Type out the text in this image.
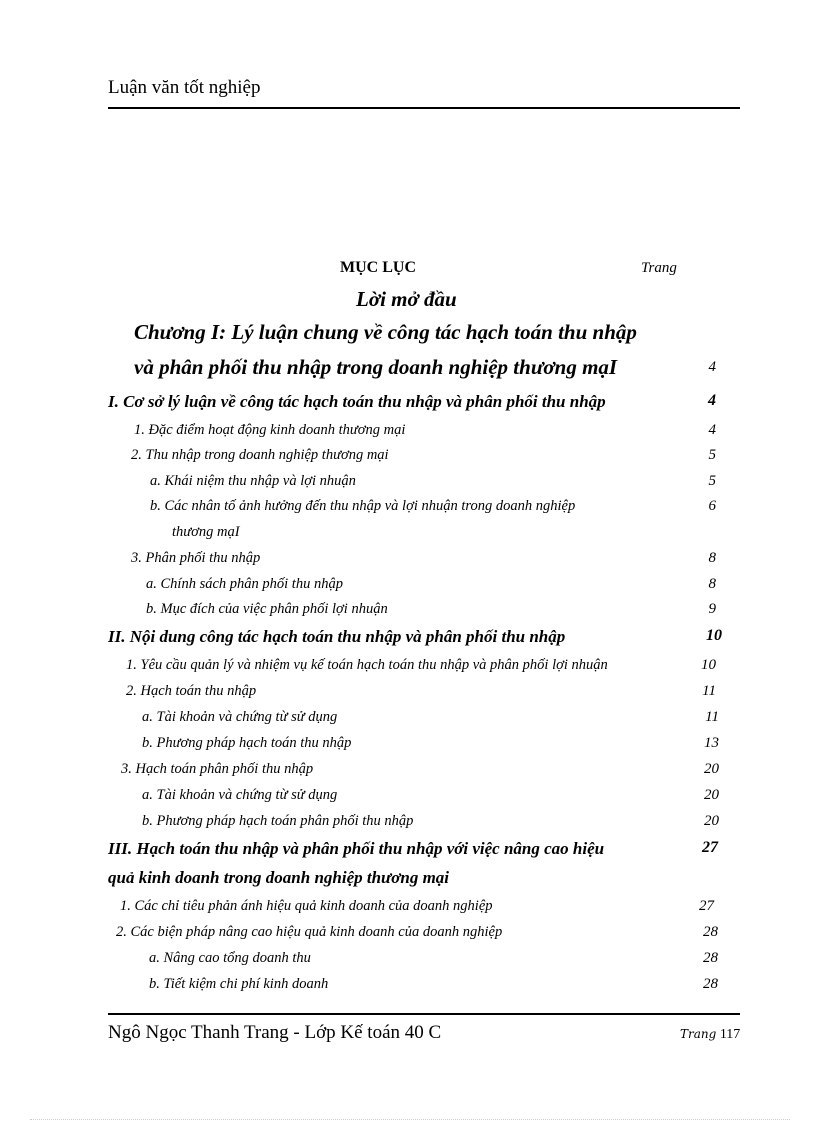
Luận văn tốt nghiệp
MỤC LỤC	Trang
Lời mở đầu
Chương I: Lý luận chung về công tác hạch toán thu nhập
và phân phối thu nhập trong doanh nghiệp thương mạI	4
I. Cơ sở lý luận về công tác hạch toán thu nhập và phân phối thu nhập	4
1. Đặc điểm hoạt động kinh doanh thương mại	4
2. Thu nhập trong doanh nghiệp thương mại	5
a. Khái niệm thu nhập và lợi nhuận	5
b. Các nhân tố ảnh hưởng đến thu nhập và lợi nhuận trong doanh nghiệp	6
thương mạI
3. Phân phối thu nhập	8
a. Chính sách phân phối thu nhập	8
b. Mục đích của việc phân phối lợi nhuận	9
II. Nội dung công tác hạch toán thu nhập và phân phối thu nhập	10
1. Yêu cầu quản lý và nhiệm vụ kế toán hạch toán thu nhập và phân phối lợi nhuận	10
2. Hạch toán thu nhập	11
a. Tài khoản và chứng từ sử dụng	11
b. Phương pháp hạch toán thu nhập	13
3. Hạch toán phân phối thu nhập	20
a. Tài khoản và chứng từ sử dụng	20
b. Phương pháp hạch toán phân phối thu nhập	20
III. Hạch toán thu nhập và phân phối thu nhập với việc nâng cao hiệu	27
quả kinh doanh trong doanh nghiệp thương mại
1. Các chỉ tiêu phản ánh hiệu quả kinh doanh của doanh nghiệp	27
2. Các biện pháp nâng cao hiệu quả kinh doanh của doanh nghiệp	28
a. Nâng cao tổng doanh thu	28
b. Tiết kiệm chi phí kinh doanh	28
Ngô Ngọc Thanh Trang - Lớp Kế toán 40 C	Trang 117
